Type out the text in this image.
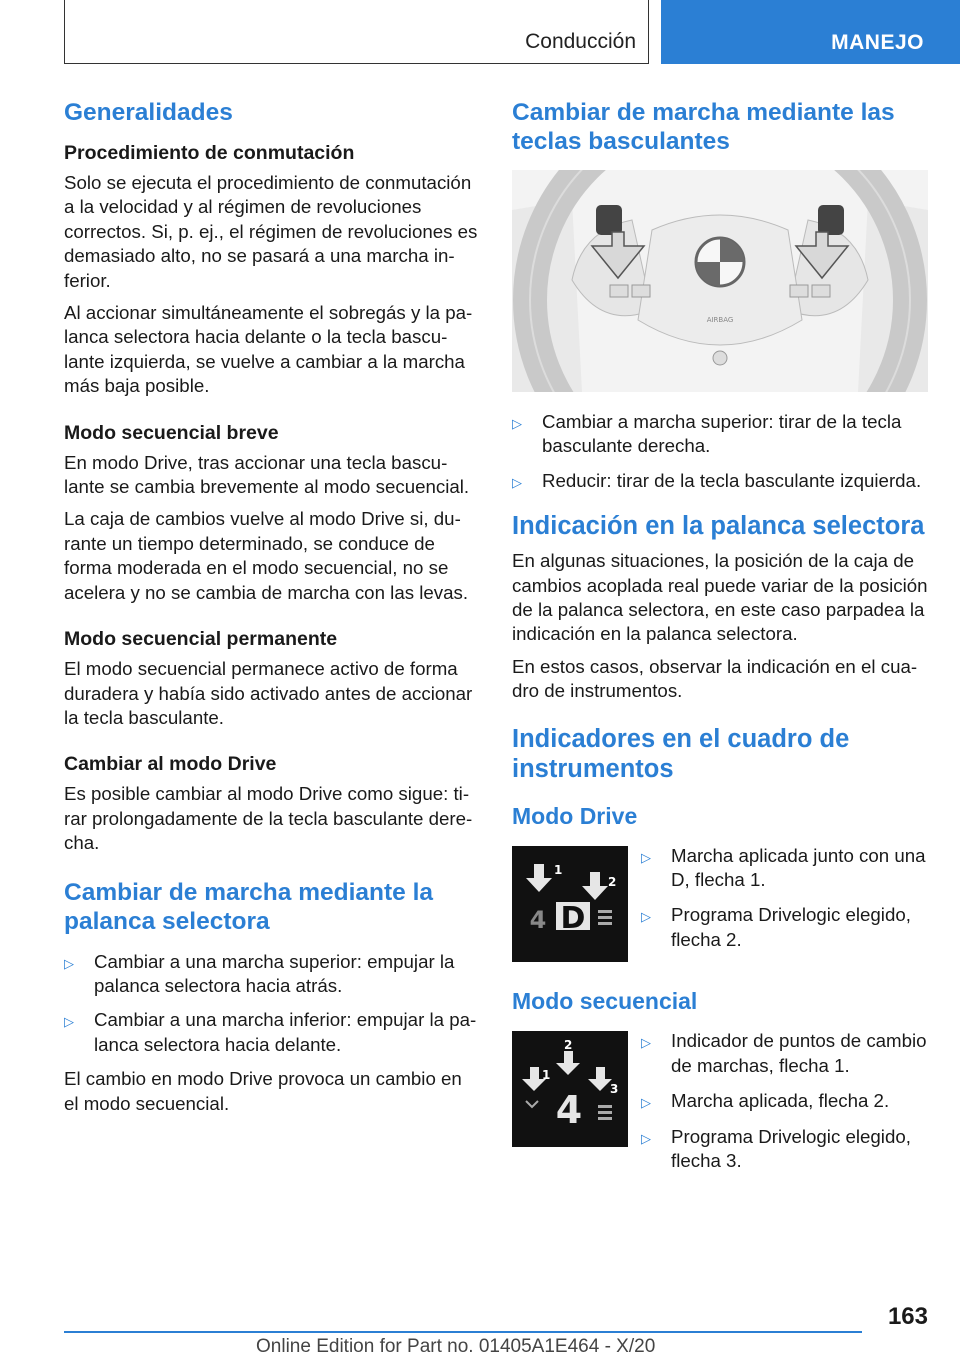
Conducción	MANEJO
Generalidades
Procedimiento de conmutación

Solo se ejecuta el procedimiento de conmutación a la velocidad y al régimen de revoluciones correctos. Si, p. ej., el régimen de revoluciones es demasiado alto, no se pasará a una marcha inferior.

Al accionar simultáneamente el sobregás y la palanca selectora hacia delante o la tecla basculante izquierda, se vuelve a cambiar a la marcha más baja posible.

Modo secuencial breve

En modo Drive, tras accionar una tecla basculante se cambia brevemente al modo secuencial.

La caja de cambios vuelve al modo Drive si, durante un tiempo determinado, se conduce de forma moderada en el modo secuencial, no se acelera y no se cambia de marcha con las levas.

Modo secuencial permanente

El modo secuencial permanece activo de forma duradera y había sido activado antes de accionar la tecla basculante.

Cambiar al modo Drive

Es posible cambiar al modo Drive como sigue: tirar prolongadamente de la tecla basculante derecha.

Cambiar de marcha mediante la palanca selectora
▷	Cambiar a una marcha superior: empujar la palanca selectora hacia atrás.
▷	Cambiar a una marcha inferior: empujar la palanca selectora hacia delante.

El cambio en modo Drive provoca un cambio en el modo secuencial.

Cambiar de marcha mediante las teclas basculantes
AIRBAG
▷	Cambiar a marcha superior: tirar de la tecla basculante derecha.
▷	Reducir: tirar de la tecla basculante izquierda.
Indicación en la palanca selectora

En algunas situaciones, la posición de la caja de cambios acoplada real puede variar de la posición de la palanca selectora, en este caso parpadea la indicación en la palanca selectora.

En estos casos, observar la indicación en el cuadro de instrumentos.

Indicadores en el cuadro de instrumentos
Modo Drive
D
4
1
2
▷	Marcha aplicada junto con una D, flecha 1.
▷	Programa Drivelogic elegido, flecha 2.
Modo secuencial
4
1
2
3
▷	Indicador de puntos de cambio de marchas, flecha 1.
▷	Marcha aplicada, flecha 2.
▷	Programa Drivelogic elegido, flecha 3.
163
Online Edition for Part no. 01405A1E464 - X/20
